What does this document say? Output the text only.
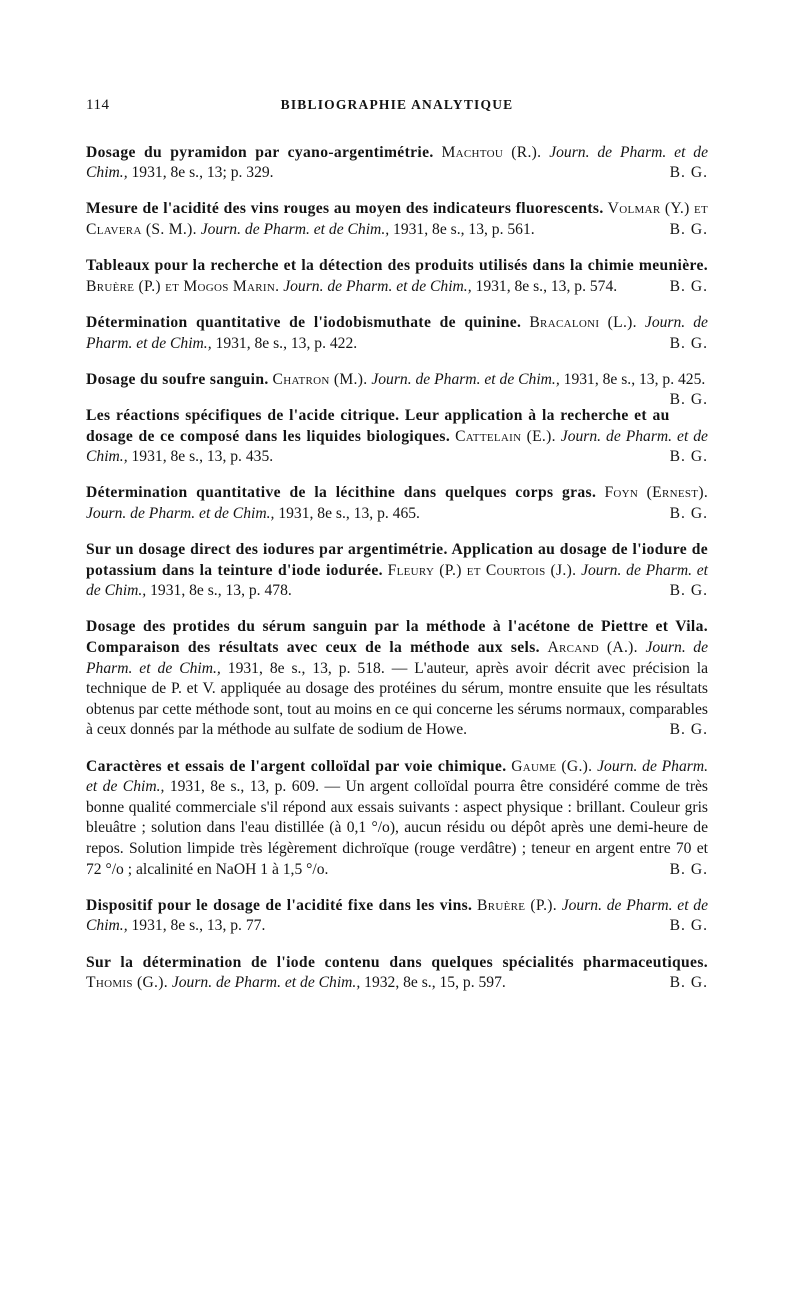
114	BIBLIOGRAPHIE ANALYTIQUE

Dosage du pyramidon par cyano-argentimétrie. Machtou (R.). Journ. de Pharm. et de Chim., 1931, 8e s., 13; p. 329.	B. G.

Mesure de l'acidité des vins rouges au moyen des indicateurs fluorescents. Volmar (Y.) et Clavera (S. M.). Journ. de Pharm. et de Chim., 1931, 8e s., 13, p. 561.	B. G.

Tableaux pour la recherche et la détection des produits utilisés dans la chimie meunière. Bruère (P.) et Mogos Marin. Journ. de Pharm. et de Chim., 1931, 8e s., 13, p. 574.	B. G.

Détermination quantitative de l'iodobismuthate de quinine. Bracaloni (L.). Journ. de Pharm. et de Chim., 1931, 8e s., 13, p. 422.	B. G.

Dosage du soufre sanguin. Chatron (M.). Journ. de Pharm. et de Chim., 1931, 8e s., 13, p. 425.
B. G.

Les réactions spécifiques de l'acide citrique. Leur application à la recherche et au dosage de ce composé dans les liquides biologiques. Cattelain (E.). Journ. de Pharm. et de Chim., 1931, 8e s., 13, p. 435.	B. G.

Détermination quantitative de la lécithine dans quelques corps gras. Foyn (Ernest). Journ. de Pharm. et de Chim., 1931, 8e s., 13, p. 465.	B. G.

Sur un dosage direct des iodures par argentimétrie. Application au dosage de l'iodure de potassium dans la teinture d'iode iodurée. Fleury (P.) et Courtois (J.). Journ. de Pharm. et de Chim., 1931, 8e s., 13, p. 478.	B. G.

Dosage des protides du sérum sanguin par la méthode à l'acétone de Piettre et Vila. Comparaison des résultats avec ceux de la méthode aux sels. Arcand (A.). Journ. de Pharm. et de Chim., 1931, 8e s., 13, p. 518. — L'auteur, après avoir décrit avec précision la technique de P. et V. appliquée au dosage des protéines du sérum, montre ensuite que les résultats obtenus par cette méthode sont, tout au moins en ce qui concerne les sérums normaux, comparables à ceux donnés par la méthode au sulfate de sodium de Howe.	B. G.

Caractères et essais de l'argent colloïdal par voie chimique. Gaume (G.). Journ. de Pharm. et de Chim., 1931, 8e s., 13, p. 609. — Un argent colloïdal pourra être considéré comme de très bonne qualité commerciale s'il répond aux essais suivants : aspect physique : brillant. Couleur gris bleuâtre ; solution dans l'eau distillée (à 0,1 °/o), aucun résidu ou dépôt après une demi-heure de repos. Solution limpide très légèrement dichroïque (rouge verdâtre) ; teneur en argent entre 70 et 72 °/o ; alcalinité en NaOH 1 à 1,5 °/o.	B. G.

Dispositif pour le dosage de l'acidité fixe dans les vins. Bruère (P.). Journ. de Pharm. et de Chim., 1931, 8e s., 13, p. 77.	B. G.

Sur la détermination de l'iode contenu dans quelques spécialités pharmaceutiques. Thomis (G.). Journ. de Pharm. et de Chim., 1932, 8e s., 15, p. 597.	B. G.
